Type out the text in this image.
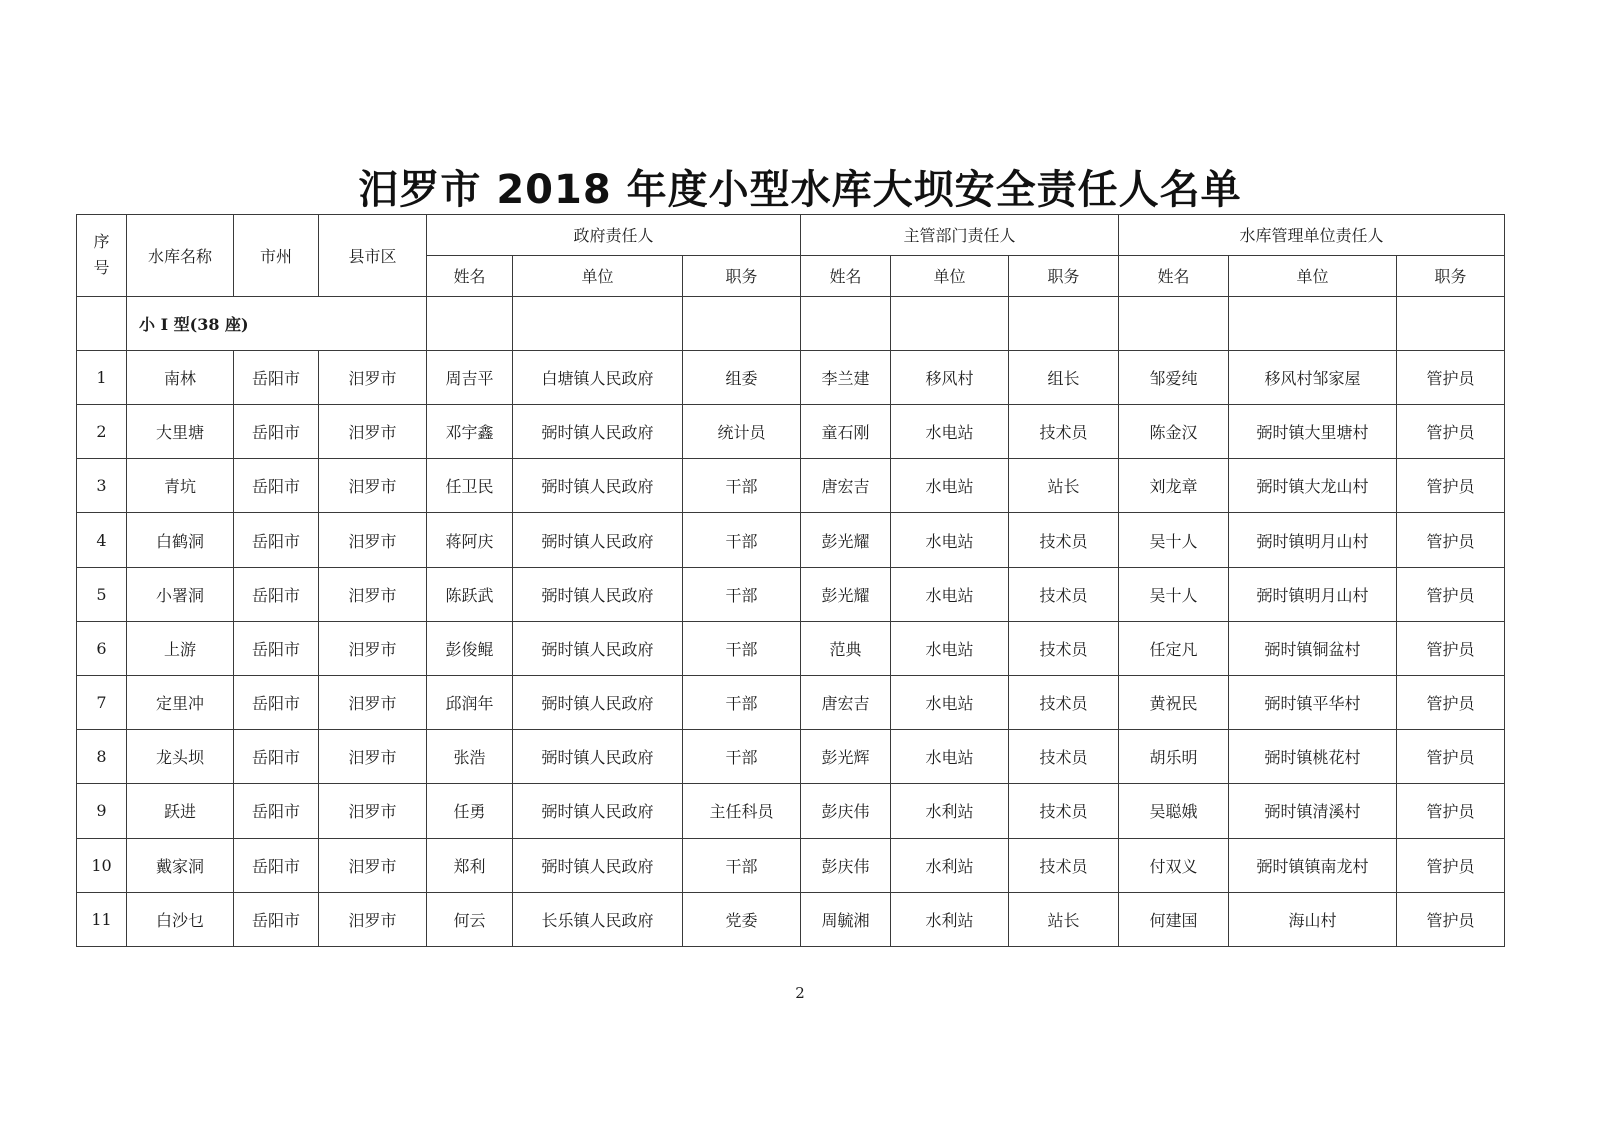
汨罗市 2018 年度小型水库大坝安全责任人名单
序
号	水库名称	市州	县市区	政府责任人			主管部门责任人			水库管理单位责任人		
				姓名	单位	职务	姓名	单位	职务	姓名	单位	职务
	小 I 型(38 座)											
1	南林	岳阳市	汨罗市	周吉平	白塘镇人民政府	组委	李兰建	移风村	组长	邹爱纯	移风村邹家屋	管护员
2	大里塘	岳阳市	汨罗市	邓宇鑫	弼时镇人民政府	统计员	童石刚	水电站	技术员	陈金汉	弼时镇大里塘村	管护员
3	青坑	岳阳市	汨罗市	任卫民	弼时镇人民政府	干部	唐宏吉	水电站	站长	刘龙章	弼时镇大龙山村	管护员
4	白鹤洞	岳阳市	汨罗市	蒋阿庆	弼时镇人民政府	干部	彭光耀	水电站	技术员	吴十人	弼时镇明月山村	管护员
5	小署洞	岳阳市	汨罗市	陈跃武	弼时镇人民政府	干部	彭光耀	水电站	技术员	吴十人	弼时镇明月山村	管护员
6	上游	岳阳市	汨罗市	彭俊鲲	弼时镇人民政府	干部	范典	水电站	技术员	任定凡	弼时镇铜盆村	管护员
7	定里冲	岳阳市	汨罗市	邱润年	弼时镇人民政府	干部	唐宏吉	水电站	技术员	黄祝民	弼时镇平华村	管护员
8	龙头坝	岳阳市	汨罗市	张浩	弼时镇人民政府	干部	彭光辉	水电站	技术员	胡乐明	弼时镇桃花村	管护员
9	跃进	岳阳市	汨罗市	任勇	弼时镇人民政府	主任科员	彭庆伟	水利站	技术员	吴聪娥	弼时镇清溪村	管护员
10	戴家洞	岳阳市	汨罗市	郑利	弼时镇人民政府	干部	彭庆伟	水利站	技术员	付双义	弼时镇镇南龙村	管护员
11	白沙乜	岳阳市	汨罗市	何云	长乐镇人民政府	党委	周毓湘	水利站	站长	何建国	海山村	管护员
2
